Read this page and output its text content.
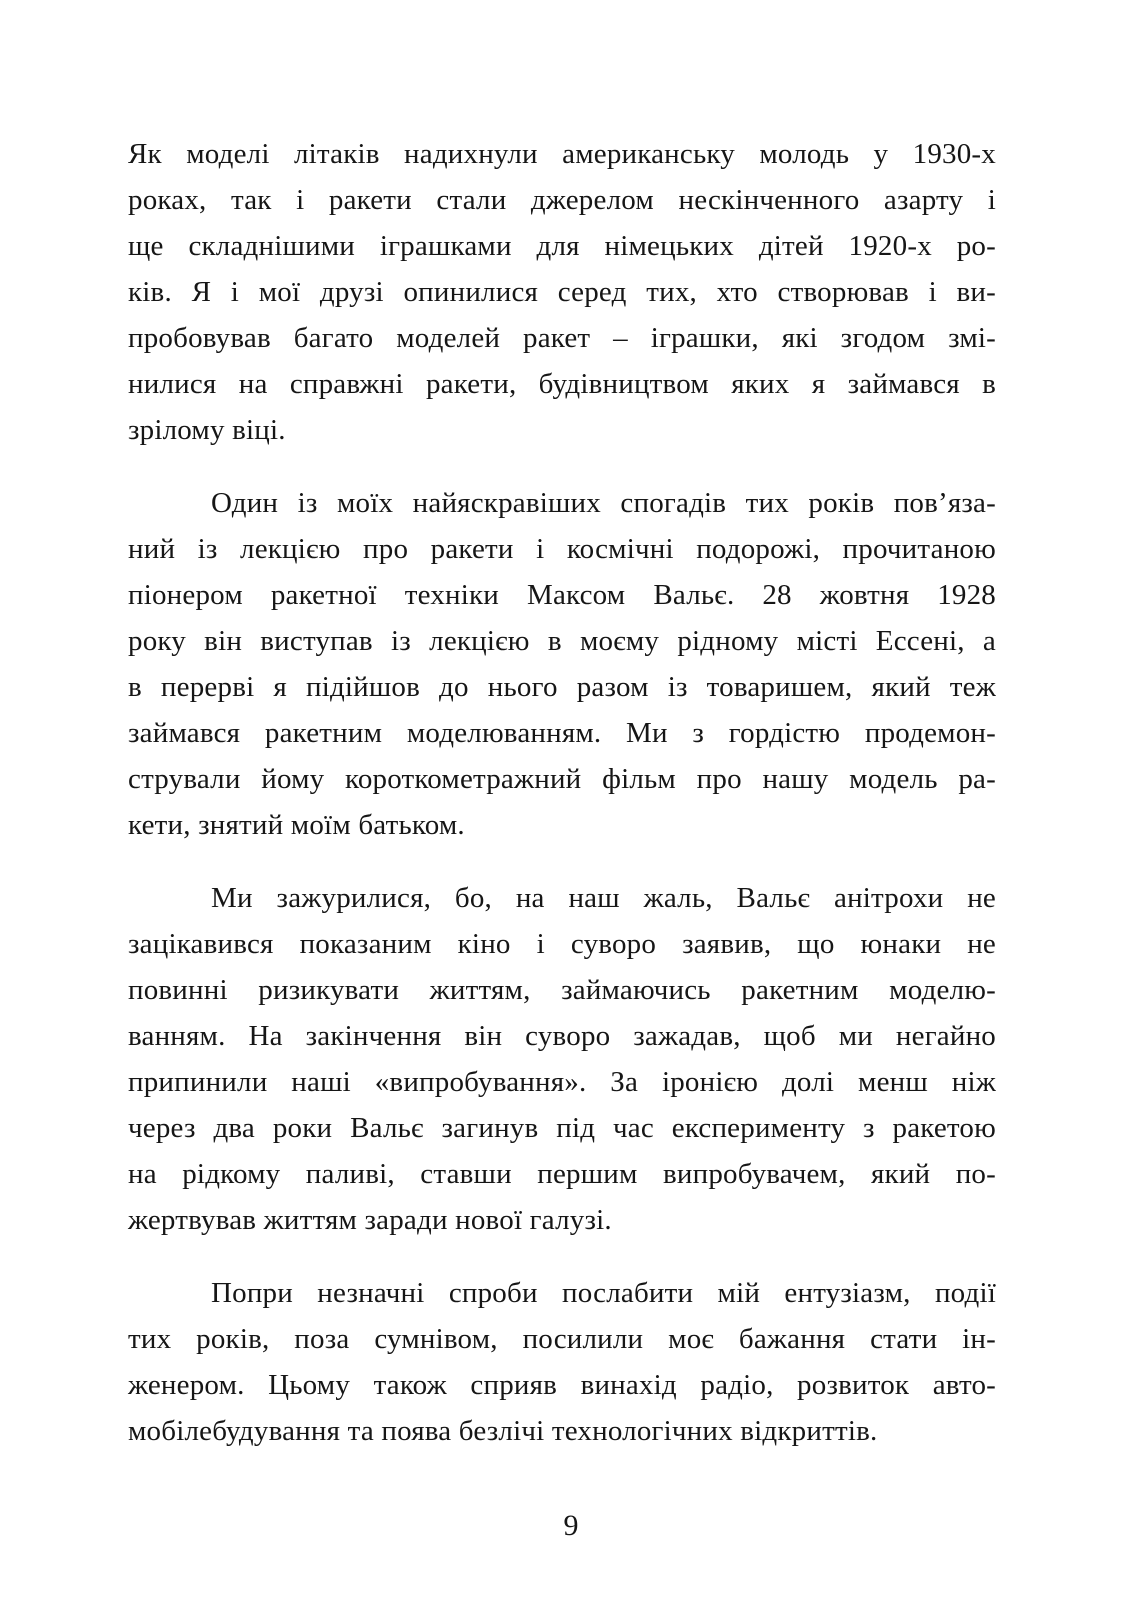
Як моделі літаків надихнули американську молодь у 1930-х
роках, так і ракети стали джерелом нескінченного азарту і
ще складнішими іграшками для німецьких дітей 1920-х ро-
ків. Я і мої друзі опинилися серед тих, хто створював і ви-
пробовував багато моделей ракет – іграшки, які згодом змі-
нилися на справжні ракети, будівництвом яких я займався в
зрілому віці.
Один із моїх найяскравіших спогадів тих років пов’яза-
ний із лекцією про ракети і космічні подорожі, прочитаною
піонером ракетної техніки Максом Вальє. 28 жовтня 1928
року він виступав із лекцією в моєму рідному місті Ессені, а
в перерві я підійшов до нього разом із товаришем, який теж
займався ракетним моделюванням. Ми з гордістю продемон-
стрували йому короткометражний фільм про нашу модель ра-
кети, знятий моїм батьком.
Ми зажурилися, бо, на наш жаль, Вальє анітрохи не
зацікавився показаним кіно і суворо заявив, що юнаки не
повинні ризикувати життям, займаючись ракетним моделю-
ванням. На закінчення він суворо зажадав, щоб ми негайно
припинили наші «випробування». За іронією долі менш ніж
через два роки Вальє загинув під час експерименту з ракетою
на рідкому паливі, ставши першим випробувачем, який по-
жертвував життям заради нової галузі.
Попри незначні спроби послабити мій ентузіазм, події
тих років, поза сумнівом, посилили моє бажання стати ін-
женером. Цьому також сприяв винахід радіо, розвиток авто-
мобілебудування та поява безлічі технологічних відкриттів.
9
